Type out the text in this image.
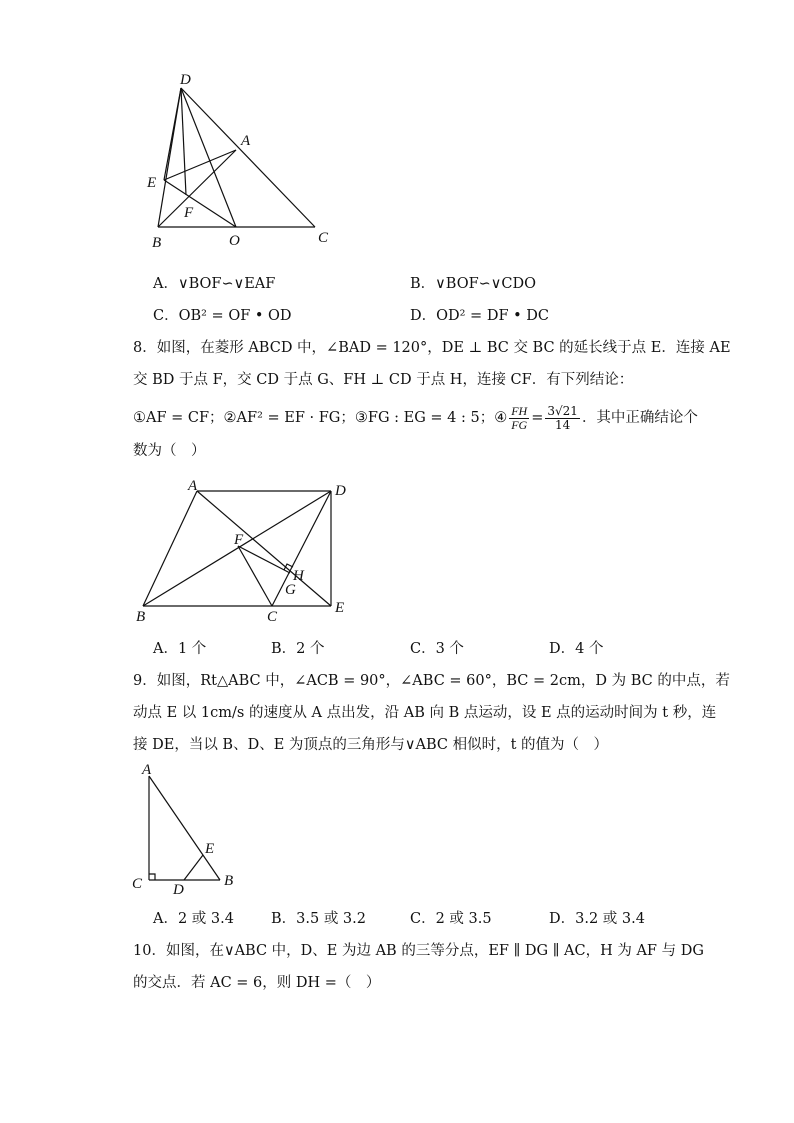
D
A
E
F
B	O	C
A．∨BOF∽∨EAF	B．∨BOF∽∨CDO
C．OB² = OF • OD	D．OD² = DF • DC
8．如图，在菱形 ABCD 中，∠BAD = 120°，DE ⊥ BC 交 BC 的延长线于点 E．连接 AE
交 BD 于点 F，交 CD 于点 G、FH ⊥ CD 于点 H，连接 CF．有下列结论：
①AF = CF；②AF² = EF · FG；③FG : EG = 4 : 5；④ $\frac{FH}{FG} = \frac{3√21}{14}$ ．其中正确结论个
数为（　）
A	D
F
H
G
B	C
E
A．1 个	B．2 个	C．3 个	D．4 个
9．如图，Rt△ABC 中，∠ACB = 90°，∠ABC = 60°，BC = 2cm，D 为 BC 的中点，若
动点 E 以 1cm/s 的速度从 A 点出发，沿 AB 向 B 点运动，设 E 点的运动时间为 t 秒，连
接 DE，当以 B、D、E 为顶点的三角形与∨ABC 相似时，t 的值为（　）
A
E
C D
B
A．2 或 3.4	B．3.5 或 3.2	C．2 或 3.5	D．3.2 或 3.4
10．如图，在∨ABC 中，D、E 为边 AB 的三等分点，EF ∥ DG ∥ AC，H 为 AF 与 DG
的交点．若 AC = 6，则 DH =（　）
